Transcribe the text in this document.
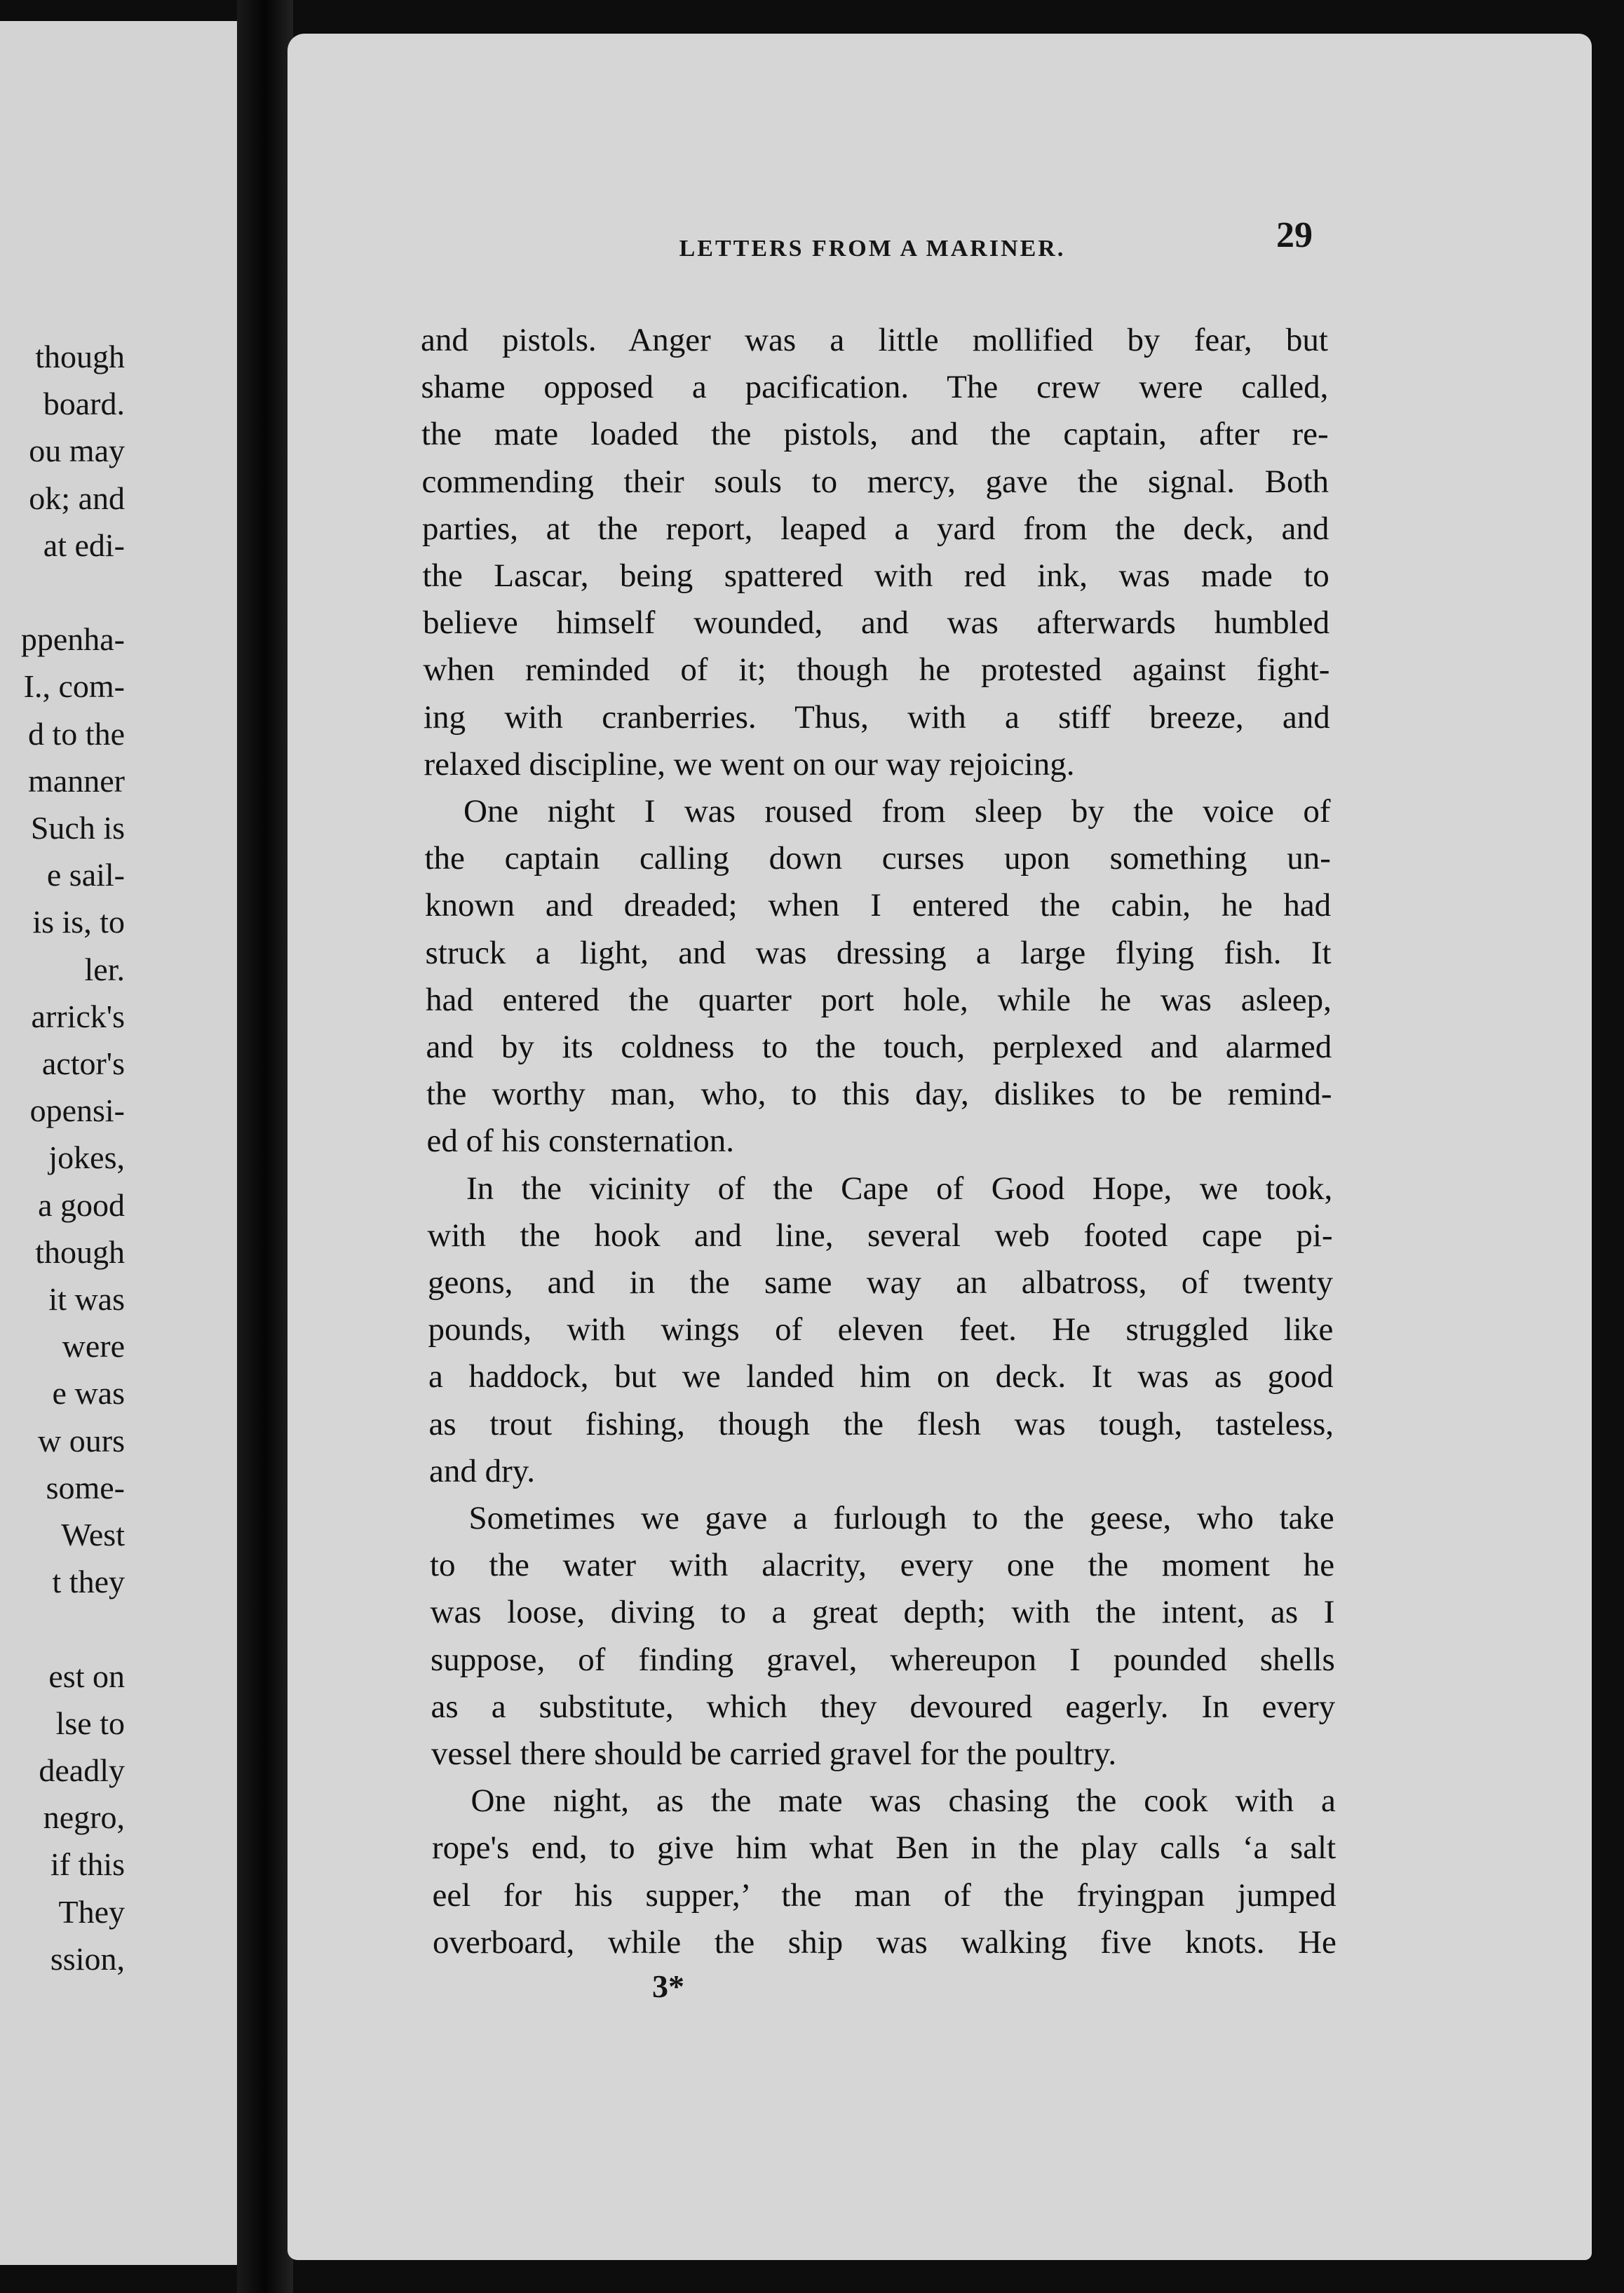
though
board.
ou may
ok; and
at edi-
ppenha-
I., com-
d to the
manner
Such is
e sail-
is is, to
ler.
arrick's
actor's
opensi-
jokes,
a good
though
it was
were
e was
w ours
some-
West
t they
est on
lse to
deadly
negro,
if this
They
ssion,
LETTERS FROM A MARINER.	29
and pistols. Anger was a little mollified by fear, but
shame opposed a pacification. The crew were called,
the mate loaded the pistols, and the captain, after re-
commending their souls to mercy, gave the signal. Both
parties, at the report, leaped a yard from the deck, and
the Lascar, being spattered with red ink, was made to
believe himself wounded, and was afterwards humbled
when reminded of it; though he protested against fight-
ing with cranberries. Thus, with a stiff breeze, and
relaxed discipline, we went on our way rejoicing.
One night I was roused from sleep by the voice of
the captain calling down curses upon something un-
known and dreaded; when I entered the cabin, he had
struck a light, and was dressing a large flying fish. It
had entered the quarter port hole, while he was asleep,
and by its coldness to the touch, perplexed and alarmed
the worthy man, who, to this day, dislikes to be remind-
ed of his consternation.
In the vicinity of the Cape of Good Hope, we took,
with the hook and line, several web footed cape pi-
geons, and in the same way an albatross, of twenty
pounds, with wings of eleven feet. He struggled like
a haddock, but we landed him on deck. It was as good
as trout fishing, though the flesh was tough, tasteless,
and dry.
Sometimes we gave a furlough to the geese, who take
to the water with alacrity, every one the moment he
was loose, diving to a great depth; with the intent, as I
suppose, of finding gravel, whereupon I pounded shells
as a substitute, which they devoured eagerly. In every
vessel there should be carried gravel for the poultry.
One night, as the mate was chasing the cook with a
rope's end, to give him what Ben in the play calls ‘a salt
eel for his supper,’ the man of the fryingpan jumped
overboard, while the ship was walking five knots. He
3*
